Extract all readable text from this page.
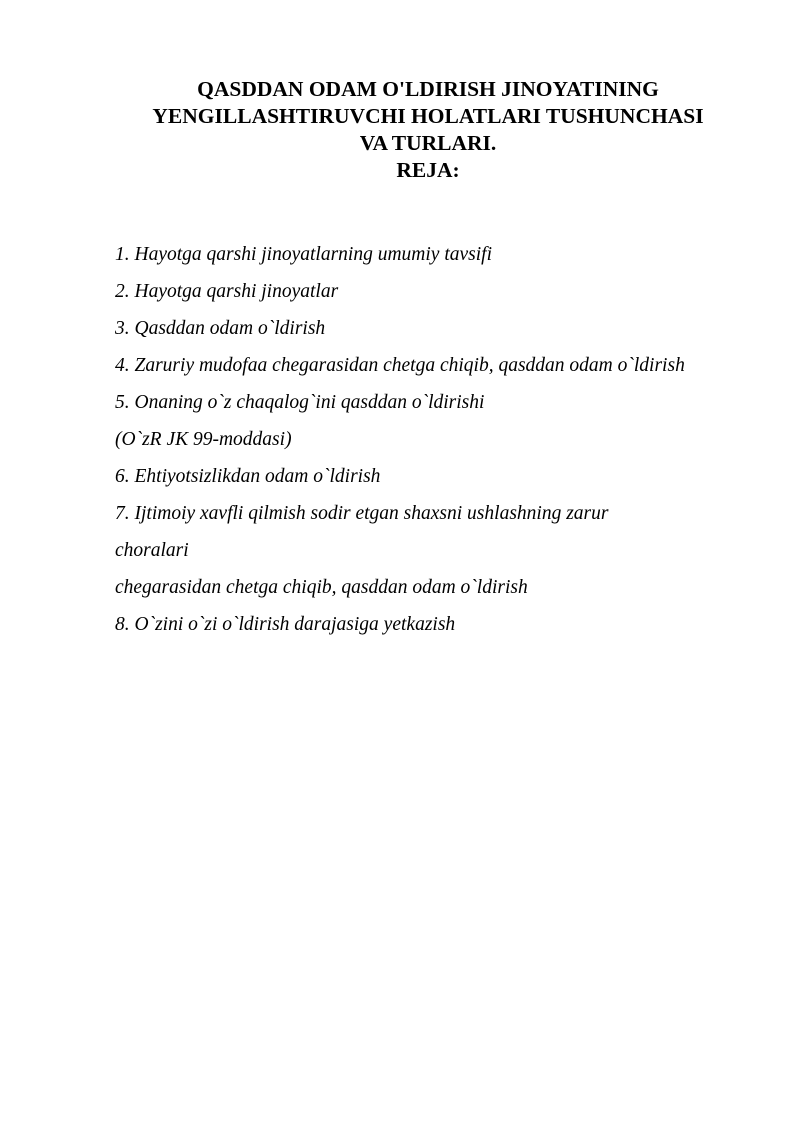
QASDDAN ODAM O'LDIRISH JINOYATINING
YENGILLASHTIRUVCHI HOLATLARI TUSHUNCHASI
VA TURLARI.
REJA:
1. Hayotga qarshi jinoyatlarning umumiy tavsifi
2. Hayotga qarshi jinoyatlar
3. Qasddan odam o`ldirish
4. Zaruriy mudofaa chegarasidan chetga chiqib, qasddan odam o`ldirish
5. Onaning o`z chaqalog`ini qasddan o`ldirishi
(O`zR JK 99-moddasi)
6. Ehtiyotsizlikdan odam o`ldirish
7. Ijtimoiy xavfli qilmish sodir etgan shaxsni ushlashning zarur
choralari
chegarasidan chetga chiqib, qasddan odam o`ldirish
8. O`zini o`zi o`ldirish darajasiga yetkazish
